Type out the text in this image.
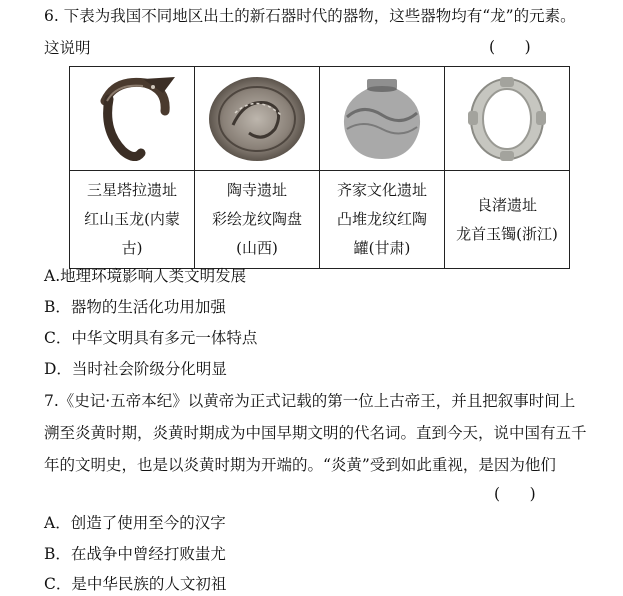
6. 下表为我国不同地区出土的新石器时代的器物，这些器物均有“龙”的元素。
这说明	(      )

三星塔拉遗址
红山玉龙(内蒙
古)	陶寺遗址
彩绘龙纹陶盘
(山西)	齐家文化遗址
凸堆龙纹红陶
罐(甘肃)	良渚遗址
龙首玉镯(浙江)
A.地理环境影响人类文明发展
B．器物的生活化功用加强
C．中华文明具有多元一体特点
D．当时社会阶级分化明显
7.《史记·五帝本纪》以黄帝为正式记载的第一位上古帝王，并且把叙事时间上
溯至炎黄时期，炎黄时期成为中国早期文明的代名词。直到今天，说中国有五千
年的文明史，也是以炎黄时期为开端的。“炎黄”受到如此重视，是因为他们
(      )
A．创造了使用至今的汉字
B．在战争中曾经打败蚩尤
C．是中华民族的人文初祖
